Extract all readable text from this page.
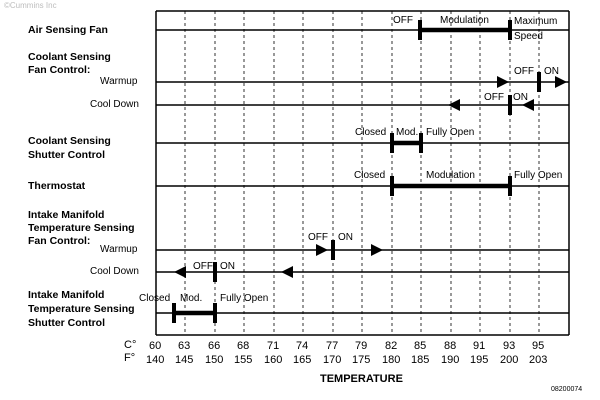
©Cummins Inc
Air Sensing Fan
Coolant Sensing
Fan Control:
Warmup
Cool Down
Coolant Sensing
Shutter Control
Thermostat
Intake Manifold
Temperature Sensing
Fan Control:
Warmup
Cool Down
Intake Manifold
Temperature Sensing
Shutter Control
OFF	Modulation	Maximum
Speed
OFF ON
OFF ON
Closed Mod. Fully Open
Closed	Modulation	Fully Open
OFF ON
OFF ON
Closed Mod. Fully Open
C°
F°
60 63 66 68 71 74 77 79 82 85 88 91 93 95
140 145 150 155 160 165 170 175 180 185 190 195 200 203
TEMPERATURE
08200074
